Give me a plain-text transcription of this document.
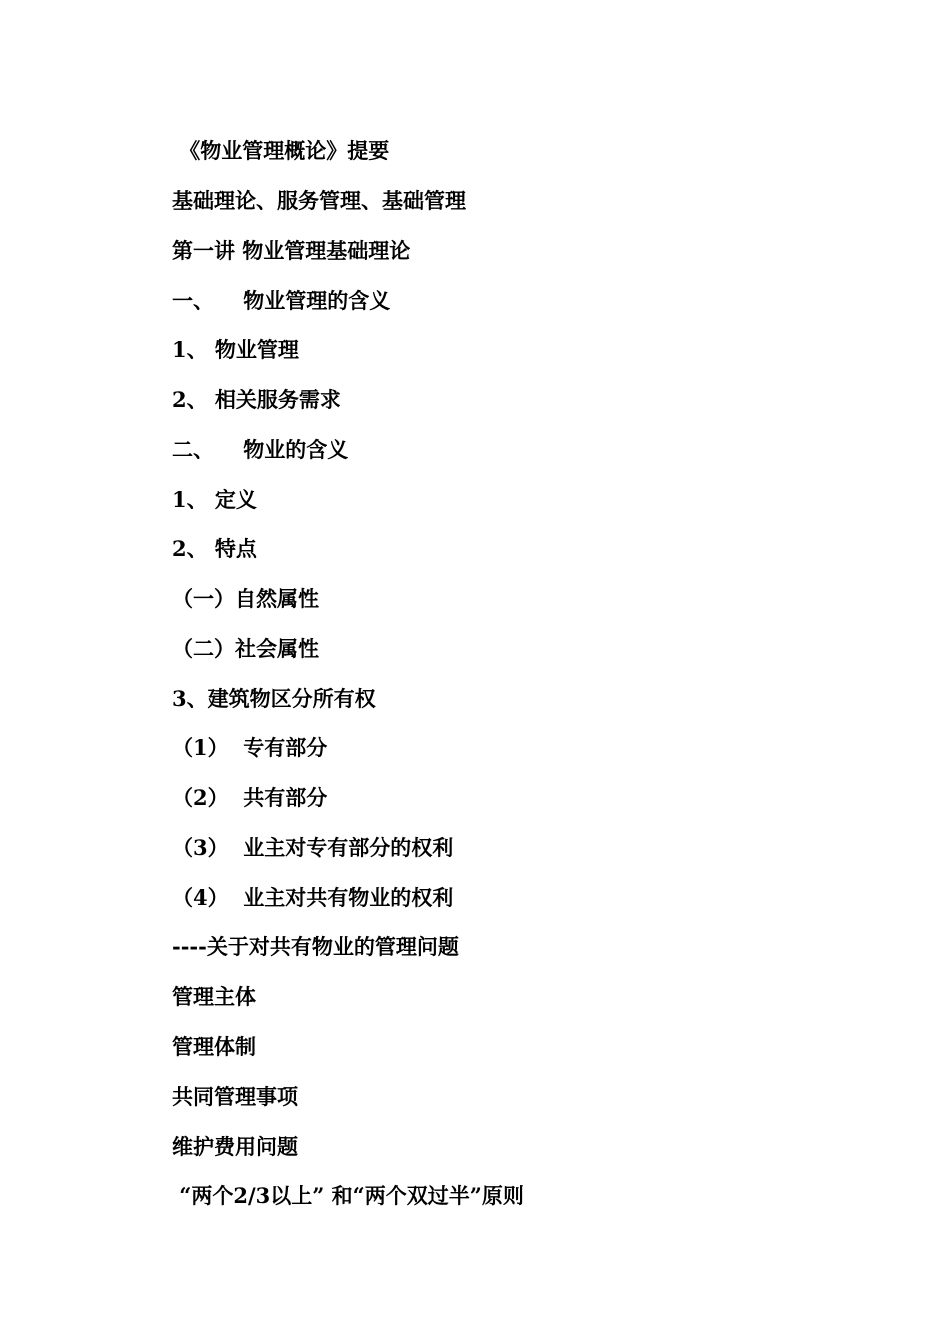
《物业管理概论》提要
基础理论、服务管理、基础管理
第一讲 物业管理基础理论
一、    物业管理的含义
1、 物业管理
2、 相关服务需求
二、    物业的含义
1、 定义
2、 特点
（一）自然属性
（二）社会属性
3、建筑物区分所有权
（1）  专有部分
（2）  共有部分
（3）  业主对专有部分的权利
（4）  业主对共有物业的权利
----关于对共有物业的管理问题
管理主体
管理体制
共同管理事项
维护费用问题
“两个2/3以上” 和“两个双过半”原则
